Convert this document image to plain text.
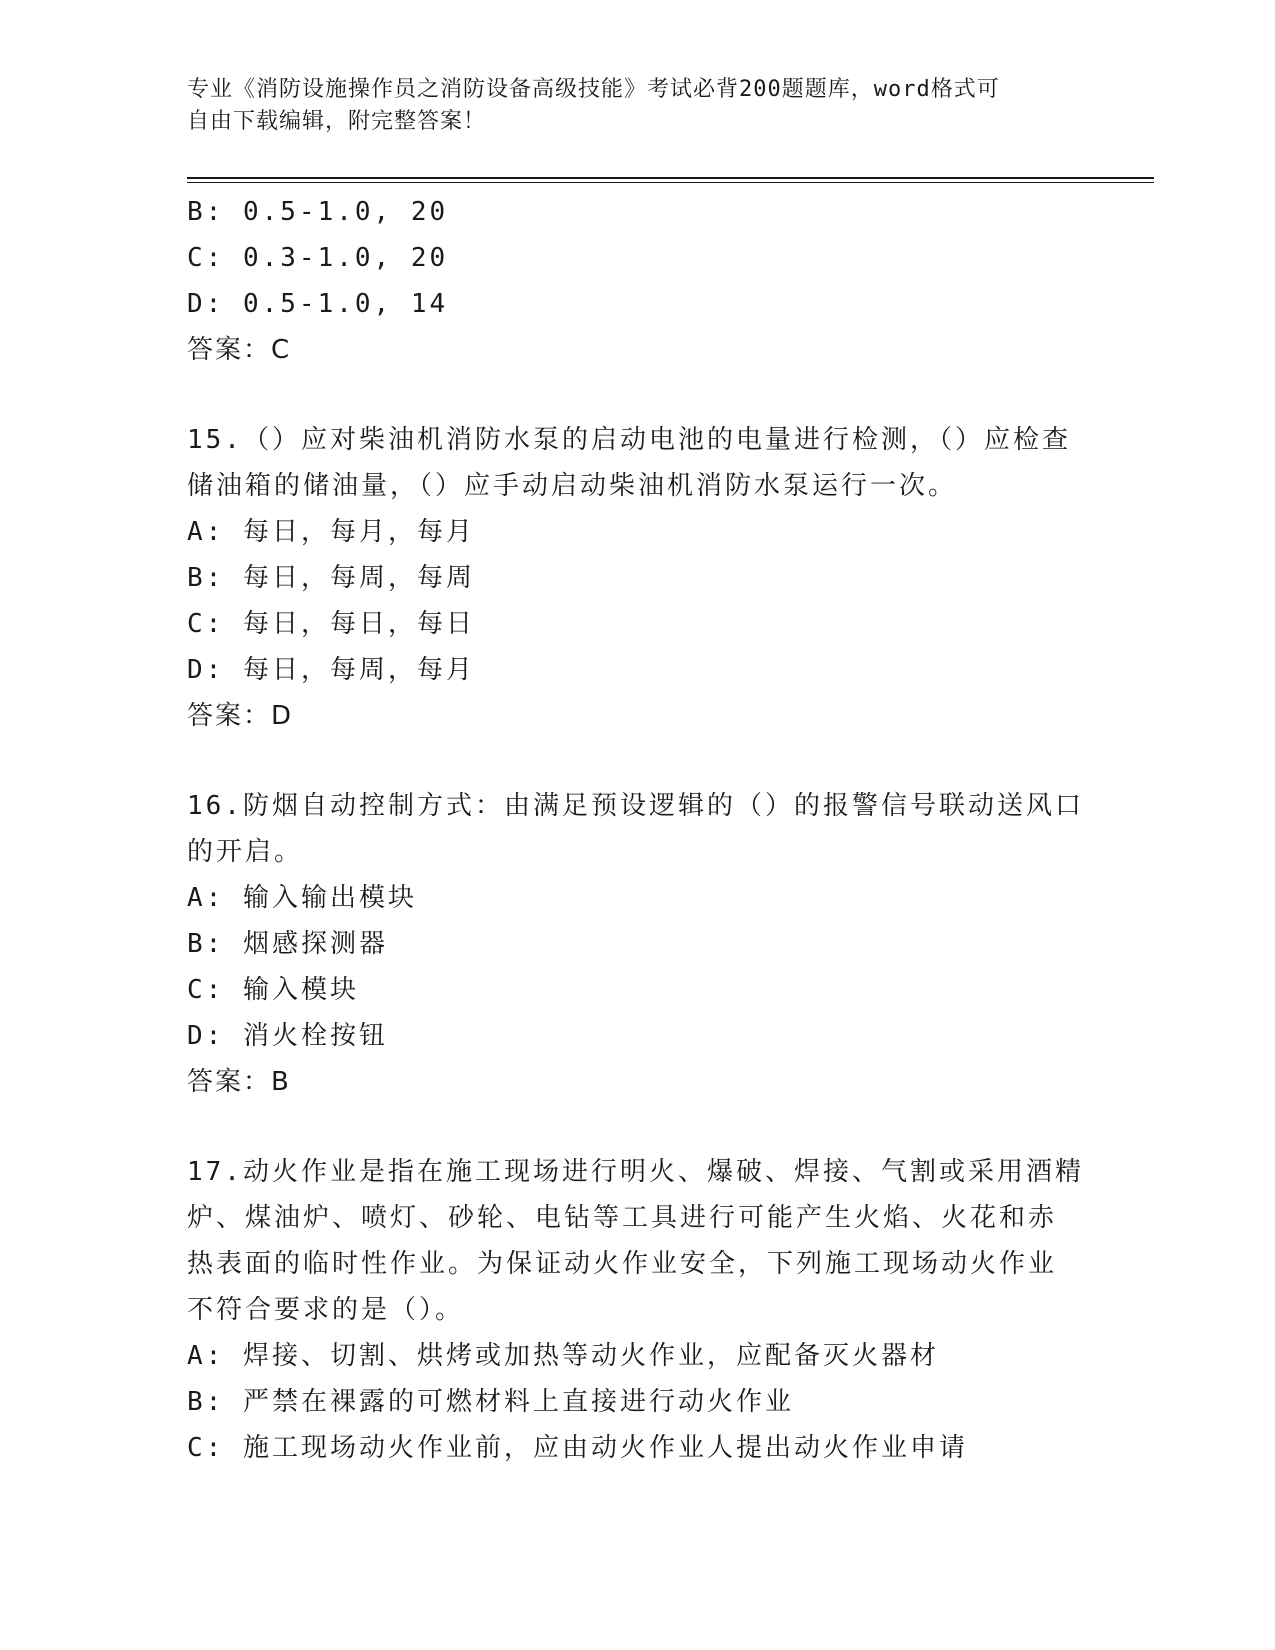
专业《消防设施操作员之消防设备高级技能》考试必背200题题库，word格式可
自由下载编辑，附完整答案！
B: 0.5-1.0, 20
C: 0.3-1.0, 20
D: 0.5-1.0, 14
答案：C
15.（）应对柴油机消防水泵的启动电池的电量进行检测，（）应检查
储油箱的储油量，（）应手动启动柴油机消防水泵运行一次。
A: 每日，每月，每月
B: 每日，每周，每周
C: 每日，每日，每日
D: 每日，每周，每月
答案：D
16.防烟自动控制方式：由满足预设逻辑的（）的报警信号联动送风口
的开启。
A: 输入输出模块
B: 烟感探测器
C: 输入模块
D: 消火栓按钮
答案：B
17.动火作业是指在施工现场进行明火、爆破、焊接、气割或采用酒精
炉、煤油炉、喷灯、砂轮、电钻等工具进行可能产生火焰、火花和赤
热表面的临时性作业。为保证动火作业安全，下列施工现场动火作业
不符合要求的是（）。
A: 焊接、切割、烘烤或加热等动火作业，应配备灭火器材
B: 严禁在裸露的可燃材料上直接进行动火作业
C: 施工现场动火作业前，应由动火作业人提出动火作业申请
